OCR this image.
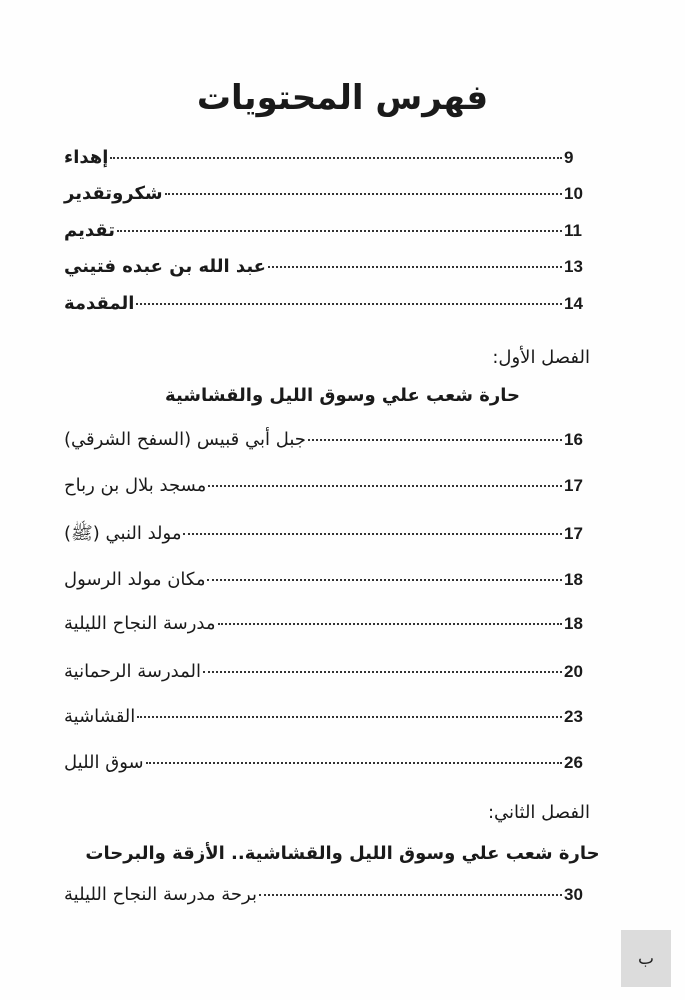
فهرس المحتويات
إهداء	9
شكروتقدير	10
تقديم	11
عبد الله بن عبده فتيني	13
المقدمة	14
الفصل الأول:
حارة شعب علي وسوق الليل والقشاشية
جبل أبي قبيس (السفح الشرقي)	16
مسجد بلال بن رباح	17
مولد النبي (ﷺ)	17
مكان مولد الرسول	18
مدرسة النجاح الليلية	18
المدرسة الرحمانية	20
القشاشية	23
سوق الليل	26
الفصل الثاني:
حارة شعب علي وسوق الليل والقشاشية.. الأزقة والبرحات
برحة مدرسة النجاح الليلية	30
ب
